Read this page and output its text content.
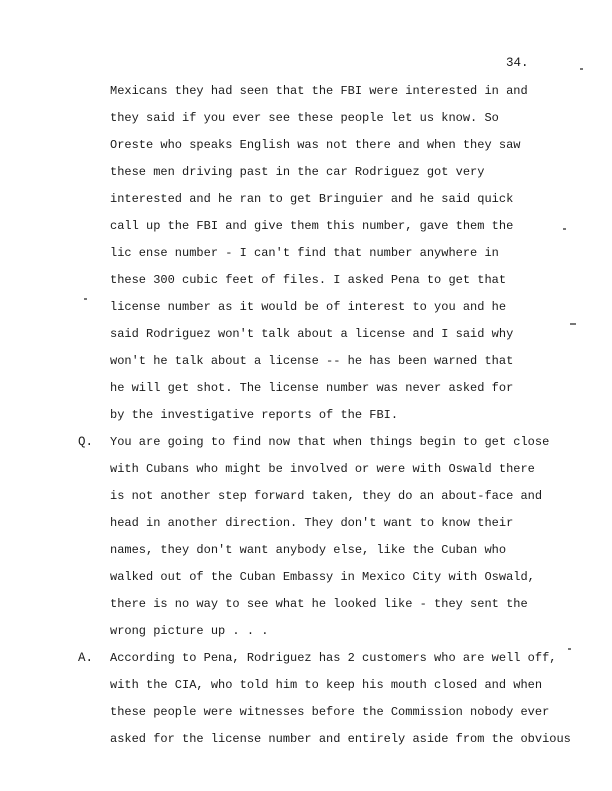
34.
Mexicans they had seen that the FBI were interested in and
they said if you ever see these people let us know. So
Oreste who speaks English was not there and when they saw
these men driving past in the car Rodriguez got very
interested and he ran to get Bringuier and he said quick
call up the FBI and give them this number, gave them the
lic ense number - I can't find that number anywhere in
these 300 cubic feet of files. I asked Pena to get that
license number as it would be of interest to you and he
said Rodriguez won't talk about a license and I said why
won't he talk about a license -- he has been warned that
he will get shot. The license number was never asked for
by the investigative reports of the FBI.
Q. You are going to find now that when things begin to get close
with Cubans who might be involved or were with Oswald there
is not another step forward taken, they do an about-face and
head in another direction. They don't want to know their
names, they don't want anybody else, like the Cuban who
walked out of the Cuban Embassy in Mexico City with Oswald,
there is no way to see what he looked like - they sent the
wrong picture up . . .
A. According to Pena, Rodriguez has 2 customers who are well off,
with the CIA, who told him to keep his mouth closed and when
these people were witnesses before the Commission nobody ever
asked for the license number and entirely aside from the obvious
